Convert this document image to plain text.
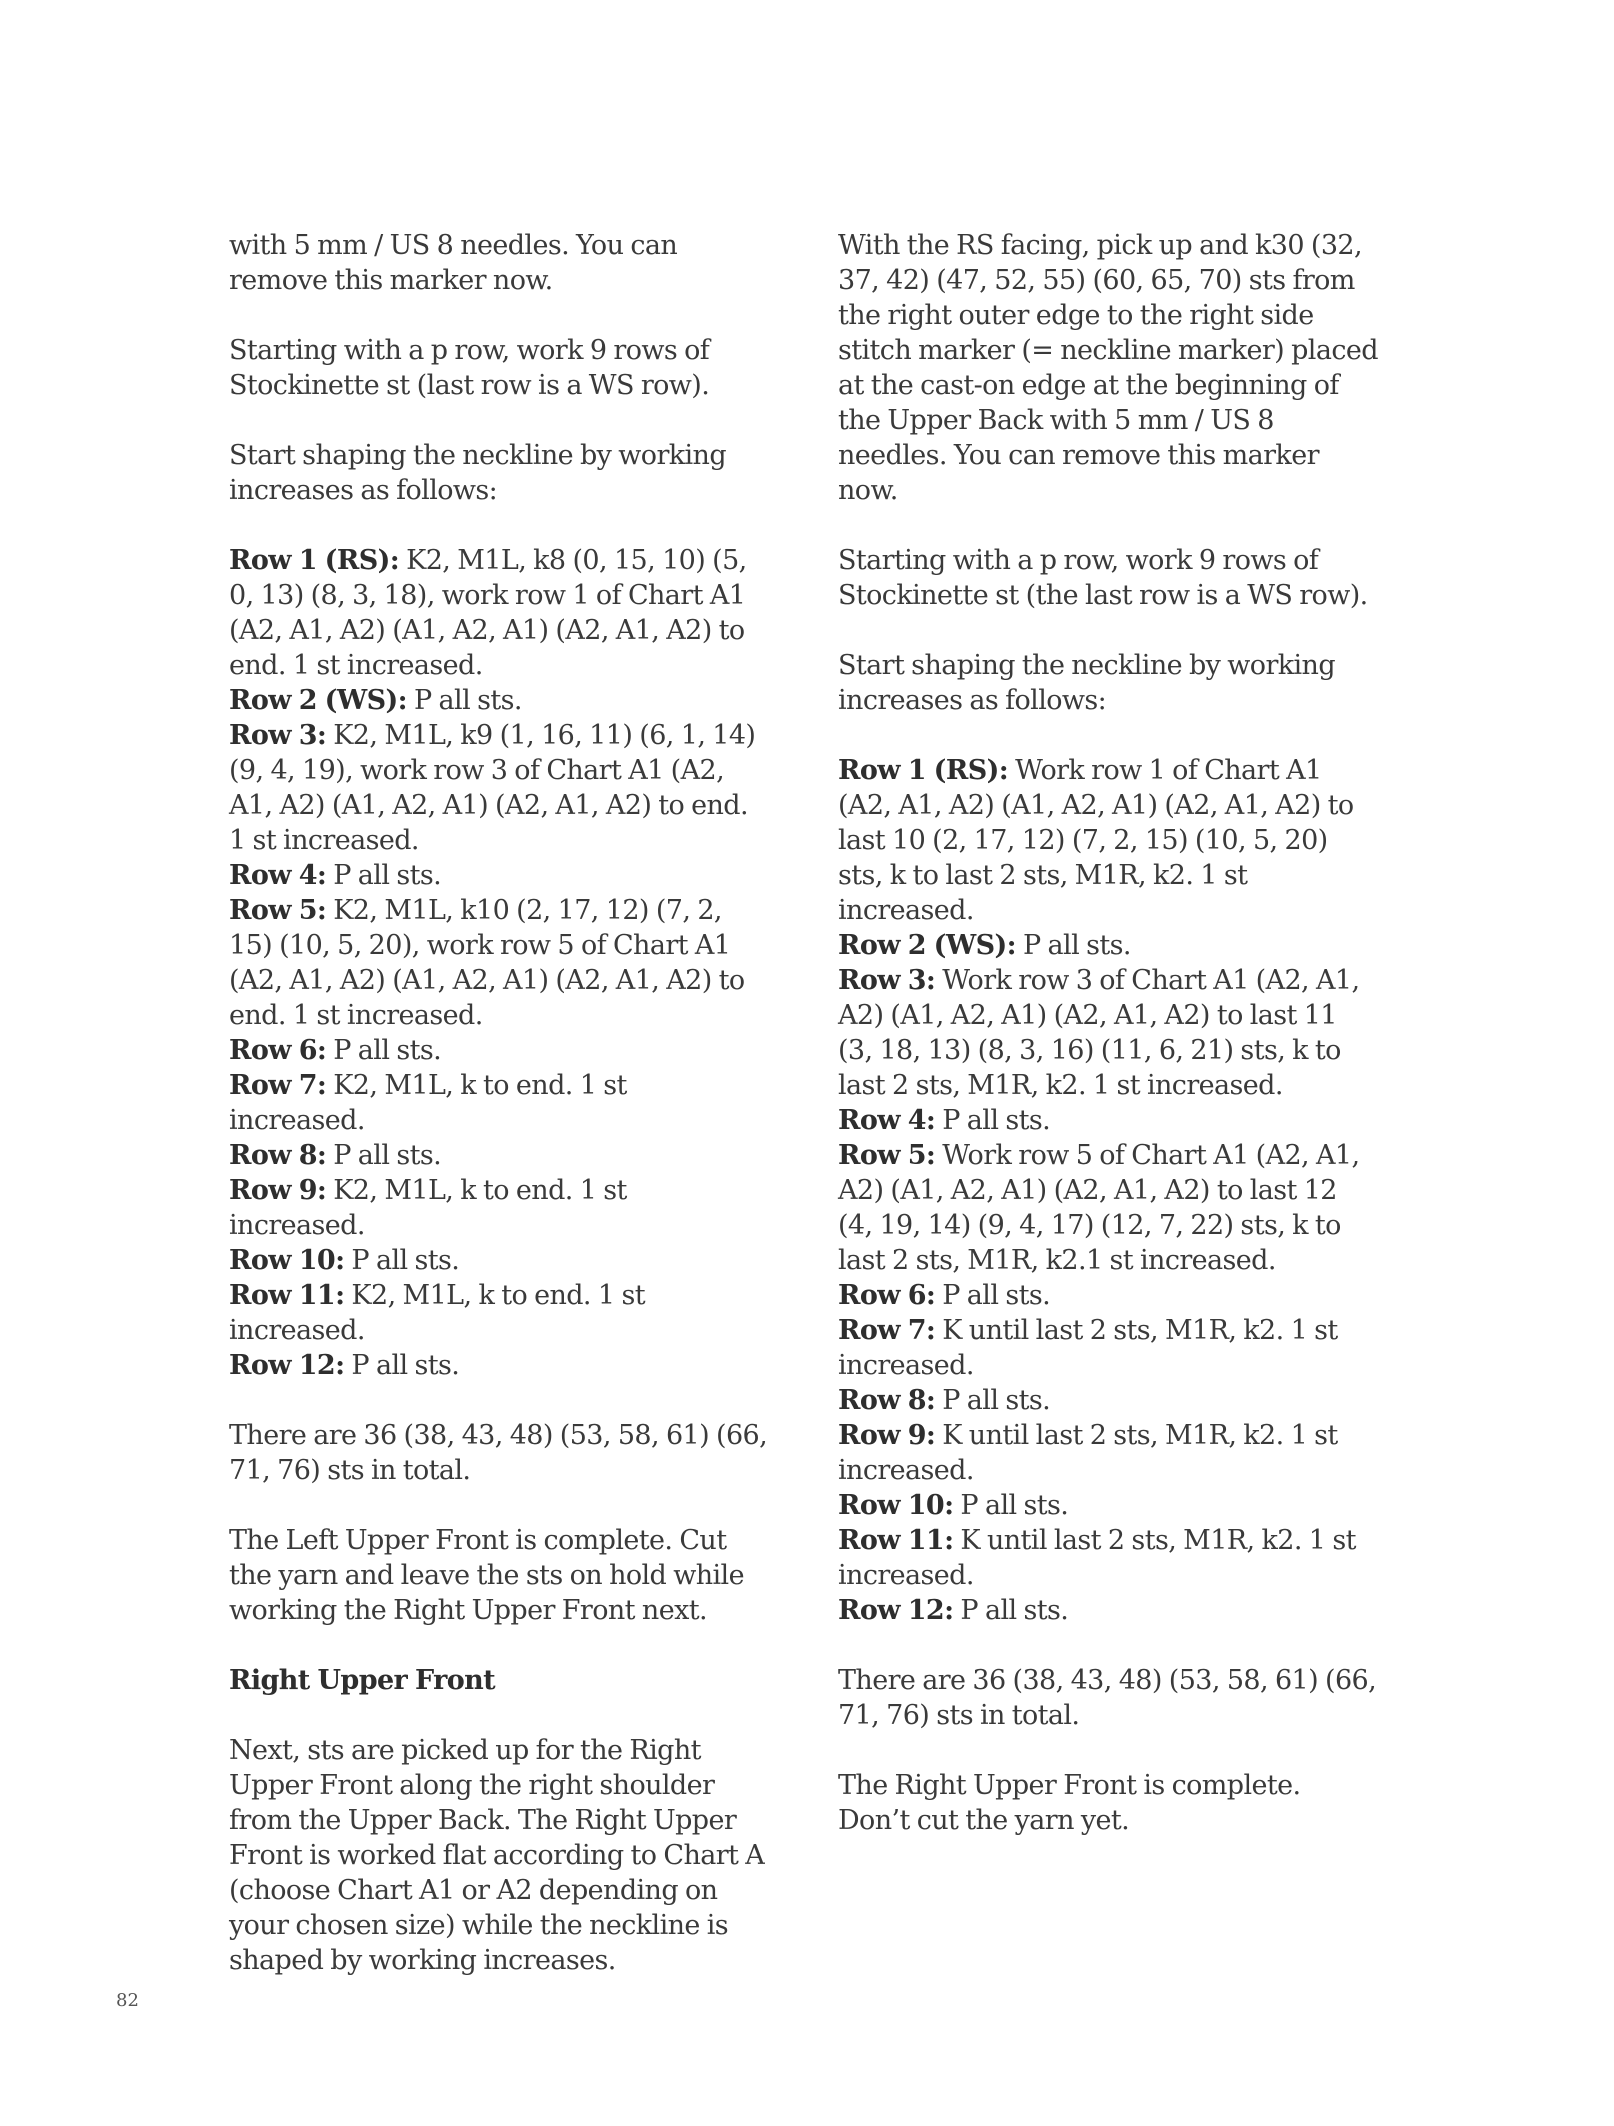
with 5 mm / US 8 needles. You can remove this marker now.

Starting with a p row, work 9 rows of Stockinette st (last row is a WS row).

Start shaping the neckline by working increases as follows:

Row 1 (RS): K2, M1L, k8 (0, 15, 10) (5, 0, 13) (8, 3, 18), work row 1 of Chart A1 (A2, A1, A2) (A1, A2, A1) (A2, A1, A2) to end. 1 st increased.

Row 2 (WS): P all sts.

Row 3: K2, M1L, k9 (1, 16, 11) (6, 1, 14) (9, 4, 19), work row 3 of Chart A1 (A2, A1, A2) (A1, A2, A1) (A2, A1, A2) to end. 1 st increased.

Row 4: P all sts.

Row 5: K2, M1L, k10 (2, 17, 12) (7, 2, 15) (10, 5, 20), work row 5 of Chart A1 (A2, A1, A2) (A1, A2, A1) (A2, A1, A2) to end. 1 st increased.

Row 6: P all sts.

Row 7: K2, M1L, k to end. 1 st increased.

Row 8: P all sts.

Row 9: K2, M1L, k to end. 1 st increased.

Row 10: P all sts.

Row 11: K2, M1L, k to end. 1 st increased.

Row 12: P all sts.

There are 36 (38, 43, 48) (53, 58, 61) (66, 71, 76) sts in total.

The Left Upper Front is complete. Cut the yarn and leave the sts on hold while working the Right Upper Front next.

Right Upper Front

Next, sts are picked up for the Right Upper Front along the right shoulder from the Upper Back. The Right Upper Front is worked flat according to Chart A (choose Chart A1 or A2 depending on your chosen size) while the neckline is shaped by working increases.

With the RS facing, pick up and k30 (32, 37, 42) (47, 52, 55) (60, 65, 70) sts from the right outer edge to the right side stitch marker (= neckline marker) placed at the cast-on edge at the beginning of the Upper Back with 5 mm / US 8 needles. You can remove this marker now.

Starting with a p row, work 9 rows of Stockinette st (the last row is a WS row).

Start shaping the neckline by working increases as follows:

Row 1 (RS): Work row 1 of Chart A1 (A2, A1, A2) (A1, A2, A1) (A2, A1, A2) to last 10 (2, 17, 12) (7, 2, 15) (10, 5, 20) sts, k to last 2 sts, M1R, k2. 1 st increased.

Row 2 (WS): P all sts.

Row 3: Work row 3 of Chart A1 (A2, A1, A2) (A1, A2, A1) (A2, A1, A2) to last 11 (3, 18, 13) (8, 3, 16) (11, 6, 21) sts, k to last 2 sts, M1R, k2. 1 st increased.

Row 4: P all sts.

Row 5: Work row 5 of Chart A1 (A2, A1, A2) (A1, A2, A1) (A2, A1, A2) to last 12 (4, 19, 14) (9, 4, 17) (12, 7, 22) sts, k to last 2 sts, M1R, k2.1 st increased.

Row 6: P all sts.

Row 7: K until last 2 sts, M1R, k2. 1 st increased.

Row 8: P all sts.

Row 9: K until last 2 sts, M1R, k2. 1 st increased.

Row 10: P all sts.

Row 11: K until last 2 sts, M1R, k2. 1 st increased.

Row 12: P all sts.

There are 36 (38, 43, 48) (53, 58, 61) (66, 71, 76) sts in total.

The Right Upper Front is complete. Don’t cut the yarn yet.

82
